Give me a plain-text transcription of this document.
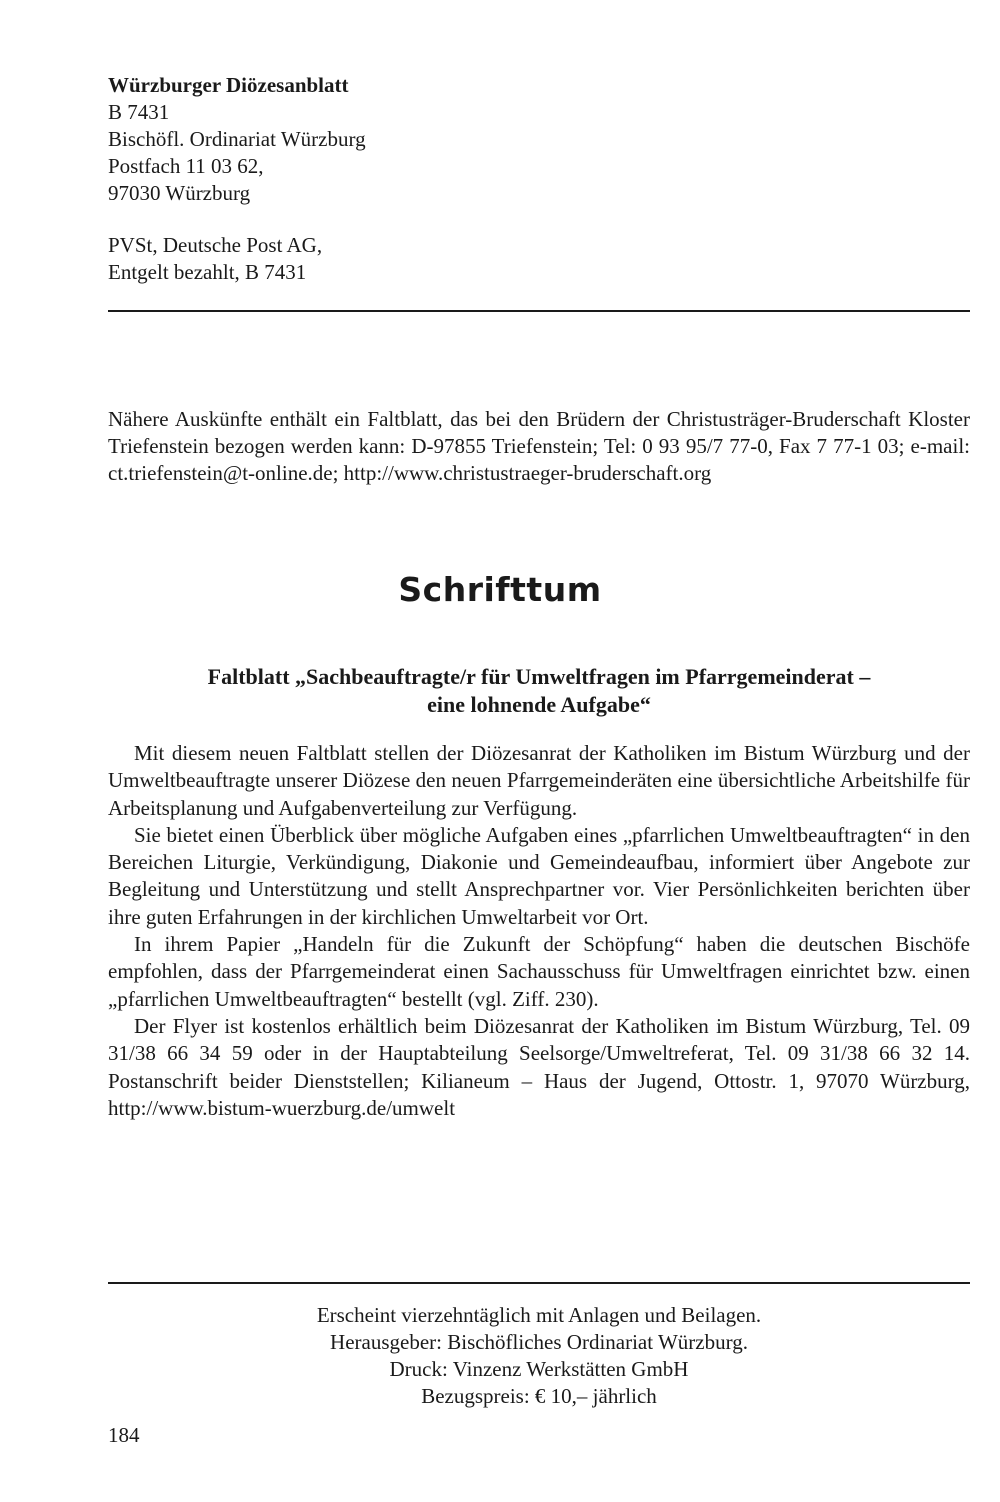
Würzburger Diözesanblatt
B 7431
Bischöfl. Ordinariat Würzburg
Postfach 11 03 62,
97030 Würzburg
PVSt, Deutsche Post AG,
Entgelt bezahlt, B 7431
Nähere Auskünfte enthält ein Faltblatt, das bei den Brüdern der Christusträger-Bruderschaft Kloster Triefenstein bezogen werden kann: D-97855 Triefenstein; Tel: 0 93 95/7 77-0, Fax 7 77-1 03; e-mail: ct.triefenstein@t-online.de; http://www.christustraeger-bruderschaft.org
Schrifttum
Faltblatt „Sachbeauftragte/r für Umweltfragen im Pfarrgemeinderat –
eine lohnende Aufgabe“

Mit diesem neuen Faltblatt stellen der Diözesanrat der Katholiken im Bistum Würzburg und der Umweltbeauftragte unserer Diözese den neuen Pfarrgemeinderäten eine übersichtliche Arbeitshilfe für Arbeitsplanung und Aufgabenverteilung zur Verfügung.

Sie bietet einen Überblick über mögliche Aufgaben eines „pfarrlichen Umweltbeauftragten“ in den Bereichen Liturgie, Verkündigung, Diakonie und Gemeindeaufbau, informiert über Angebote zur Begleitung und Unterstützung und stellt Ansprechpartner vor. Vier Persönlichkeiten berichten über ihre guten Erfahrungen in der kirchlichen Umweltarbeit vor Ort.

In ihrem Papier „Handeln für die Zukunft der Schöpfung“ haben die deutschen Bischöfe empfohlen, dass der Pfarrgemeinderat einen Sachausschuss für Umweltfragen einrichtet bzw. einen „pfarrlichen Umweltbeauftragten“ bestellt (vgl. Ziff. 230).

Der Flyer ist kostenlos erhältlich beim Diözesanrat der Katholiken im Bistum Würzburg, Tel. 09 31/38 66 34 59 oder in der Hauptabteilung Seelsorge/Umweltreferat, Tel. 09 31/38 66 32 14. Postanschrift beider Dienststellen; Kilianeum – Haus der Jugend, Ottostr. 1, 97070 Würzburg, http://www.bistum-wuerzburg.de/umwelt

Erscheint vierzehntäglich mit Anlagen und Beilagen.
Herausgeber: Bischöfliches Ordinariat Würzburg.
Druck: Vinzenz Werkstätten GmbH
Bezugspreis: € 10,– jährlich
184
